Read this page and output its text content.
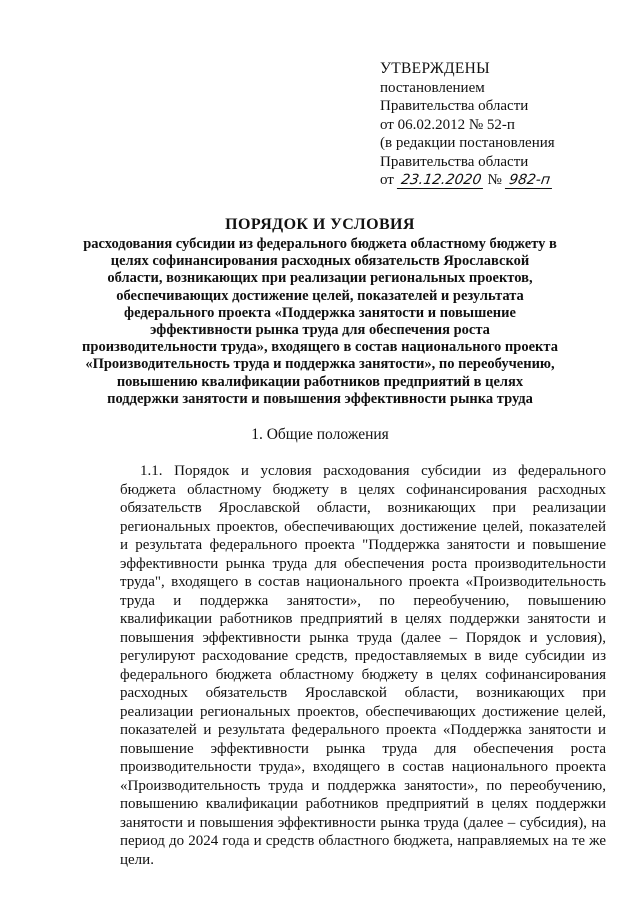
УТВЕРЖДЕНЫ
постановлением
Правительства области
от 06.02.2012 № 52-п
(в редакции постановления
Правительства области
от 23.12.2020 № 982-п

ПОРЯДОК И УСЛОВИЯ

расходования субсидии из федерального бюджета областному бюджету в целях софинансирования расходных обязательств Ярославской области, возникающих при реализации региональных проектов, обеспечивающих достижение целей, показателей и результата федерального проекта «Поддержка занятости и повышение эффективности рынка труда для обеспечения роста производительности труда», входящего в состав национального проекта «Производительность труда и поддержка занятости», по переобучению, повышению квалификации работников предприятий в целях поддержки занятости и повышения эффективности рынка труда

1. Общие положения

1.1. Порядок и условия расходования субсидии из федерального бюджета областному бюджету в целях софинансирования расходных обязательств Ярославской области, возникающих при реализации региональных проектов, обеспечивающих достижение целей, показателей и результата федерального проекта "Поддержка занятости и повышение эффективности рынка труда для обеспечения роста производительности труда", входящего в состав национального проекта «Производительность труда и поддержка занятости», по переобучению, повышению квалификации работников предприятий в целях поддержки занятости и повышения эффективности рынка труда (далее – Порядок и условия), регулируют расходование средств, предоставляемых в виде субсидии из федерального бюджета областному бюджету в целях софинансирования расходных обязательств Ярославской области, возникающих при реализации региональных проектов, обеспечивающих достижение целей, показателей и результата федерального проекта «Поддержка занятости и повышение эффективности рынка труда для обеспечения роста производительности труда», входящего в состав национального проекта «Производительность труда и поддержка занятости», по переобучению, повышению квалификации работников предприятий в целях поддержки занятости и повышения эффективности рынка труда (далее – субсидия), на период до 2024 года и средств областного бюджета, направляемых на те же цели.
